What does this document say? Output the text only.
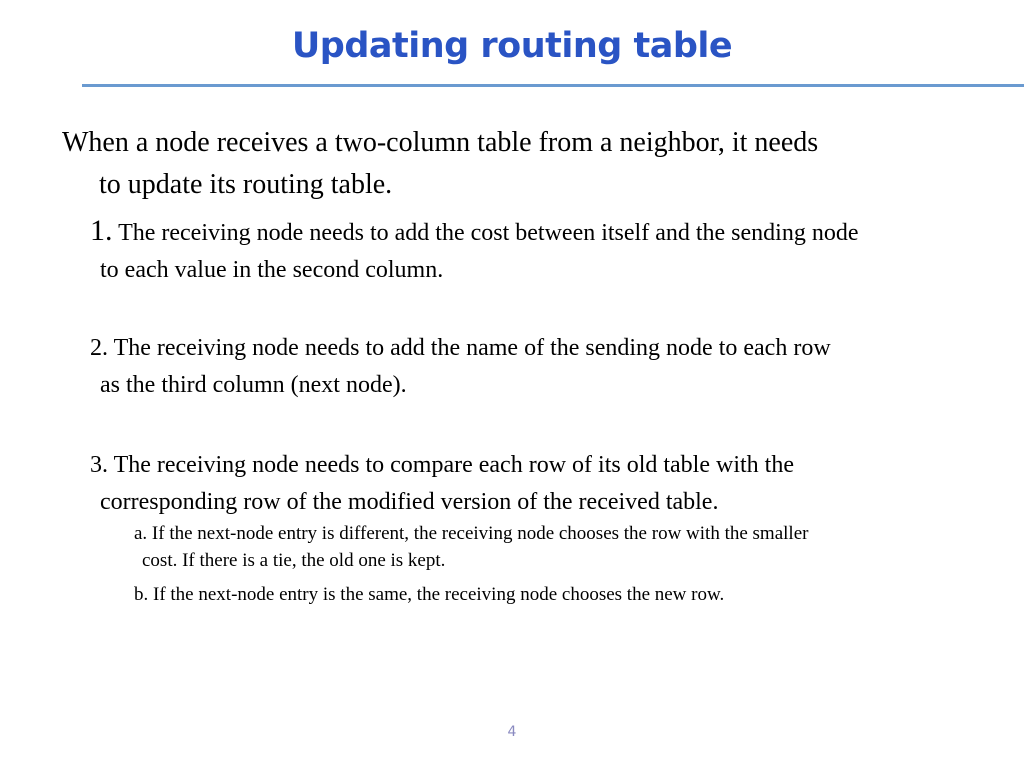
Updating routing table
When a node receives a two-column table from a neighbor, it needs
to update its routing table.
1. The receiving node needs to add the cost between itself and the sending node
to each value in the second column.
2. The receiving node needs to add the name of the sending node to each row
as the third column (next node).
3. The receiving node needs to compare each row of its old table with the
corresponding row of the modified version of the received table.
a. If the next-node entry is different, the receiving node chooses the row with the smaller
cost. If there is a tie, the old one is kept.
b. If the next-node entry is the same, the receiving node chooses the new row.
4
